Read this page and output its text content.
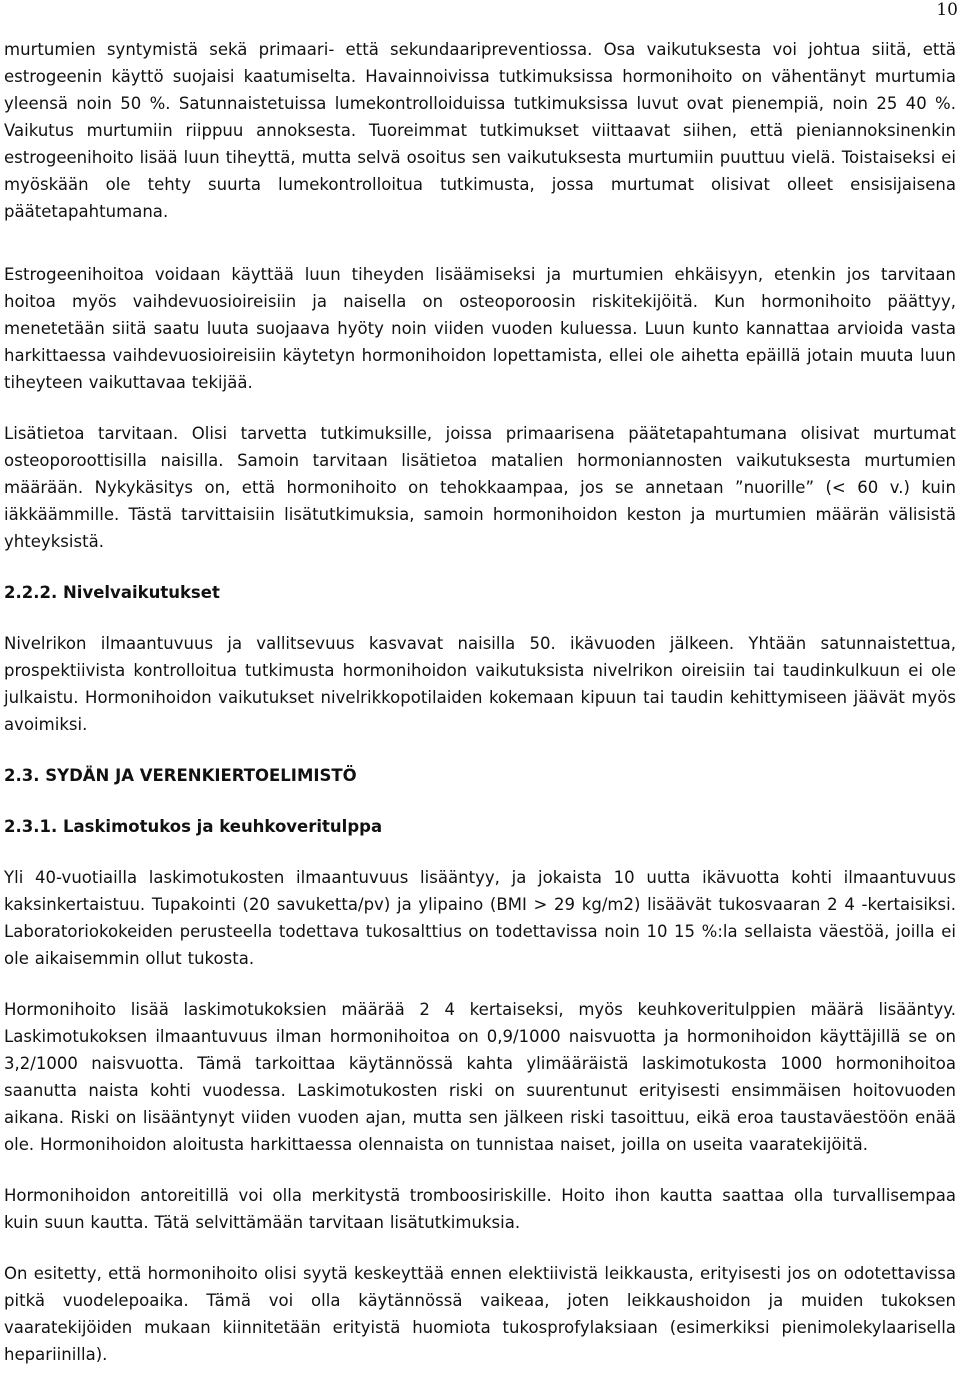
10

murtumien syntymistä sekä primaari- että sekundaaripreventiossa. Osa vaikutuksesta voi johtua siitä, että estrogeenin käyttö suojaisi kaatumiselta. Havainnoivissa tutkimuksissa hormonihoito on vähentänyt murtumia yleensä noin 50 %. Satunnaistetuissa lumekontrolloiduissa tutkimuksissa luvut ovat pienempiä, noin 25 40 %. Vaikutus murtumiin riippuu annoksesta. Tuoreimmat tutkimukset viittaavat siihen, että pieniannoksinenkin estrogeenihoito lisää luun tiheyttä, mutta selvä osoitus sen vaikutuksesta murtumiin puuttuu vielä. Toistaiseksi ei myöskään ole tehty suurta lumekontrolloitua tutkimusta, jossa murtumat olisivat olleet ensisijaisena päätetapahtumana.

Estrogeenihoitoa voidaan käyttää luun tiheyden lisäämiseksi ja murtumien ehkäisyyn, etenkin jos tarvitaan hoitoa myös vaihdevuosioireisiin ja naisella on osteoporoosin riskitekijöitä. Kun hormonihoito päättyy, menetetään siitä saatu luuta suojaava hyöty noin viiden vuoden kuluessa. Luun kunto kannattaa arvioida vasta harkittaessa vaihdevuosioireisiin käytetyn hormonihoidon lopettamista, ellei ole aihetta epäillä jotain muuta luun tiheyteen vaikuttavaa tekijää.

Lisätietoa tarvitaan. Olisi tarvetta tutkimuksille, joissa primaarisena päätetapahtumana olisivat murtumat osteoporoottisilla naisilla. Samoin tarvitaan lisätietoa matalien hormoniannosten vaikutuksesta murtumien määrään. Nykykäsitys on, että hormonihoito on tehokkaampaa, jos se annetaan ”nuorille” (< 60 v.) kuin iäkkäämmille. Tästä tarvittaisiin lisätutkimuksia, samoin hormonihoidon keston ja murtumien määrän välisistä yhteyksistä.

2.2.2. Nivelvaikutukset

Nivelrikon ilmaantuvuus ja vallitsevuus kasvavat naisilla 50. ikävuoden jälkeen. Yhtään satunnaistettua, prospektiivista kontrolloitua tutkimusta hormonihoidon vaikutuksista nivelrikon oireisiin tai taudinkulkuun ei ole julkaistu. Hormonihoidon vaikutukset nivelrikkopotilaiden kokemaan kipuun tai taudin kehittymiseen jäävät myös avoimiksi.

2.3. SYDÄN JA VERENKIERTOELIMISTÖ
2.3.1. Laskimotukos ja keuhkoveritulppa

Yli 40-vuotiailla laskimotukosten ilmaantuvuus lisääntyy, ja jokaista 10 uutta ikävuotta kohti ilmaantuvuus kaksinkertaistuu. Tupakointi (20 savuketta/pv) ja ylipaino (BMI > 29 kg/m2) lisäävät tukosvaaran 2 4 -kertaisiksi. Laboratoriokokeiden perusteella todettava tukosalttius on todettavissa noin 10 15 %:la sellaista väestöä, joilla ei ole aikaisemmin ollut tukosta.

Hormonihoito lisää laskimotukoksien määrää 2 4 kertaiseksi, myös keuhkoveritulppien määrä lisääntyy. Laskimotukoksen ilmaantuvuus ilman hormonihoitoa on 0,9/1000 naisvuotta ja hormonihoidon käyttäjillä se on 3,2/1000 naisvuotta. Tämä tarkoittaa käytännössä kahta ylimääräistä laskimotukosta 1000 hormonihoitoa saanutta naista kohti vuodessa. Laskimotukosten riski on suurentunut erityisesti ensimmäisen hoitovuoden aikana. Riski on lisääntynyt viiden vuoden ajan, mutta sen jälkeen riski tasoittuu, eikä eroa taustaväestöön enää ole. Hormonihoidon aloitusta harkittaessa olennaista on tunnistaa naiset, joilla on useita vaaratekijöitä.

Hormonihoidon antoreitillä voi olla merkitystä tromboosiriskille. Hoito ihon kautta saattaa olla turvallisempaa kuin suun kautta. Tätä selvittämään tarvitaan lisätutkimuksia.

On esitetty, että hormonihoito olisi syytä keskeyttää ennen elektiivistä leikkausta, erityisesti jos on odotettavissa pitkä vuodelepoaika. Tämä voi olla käytännössä vaikeaa, joten leikkaushoidon ja muiden tukoksen vaaratekijöiden mukaan kiinnitetään erityistä huomiota tukosprofylaksiaan (esimerkiksi pienimolekylaarisella hepariinilla).
